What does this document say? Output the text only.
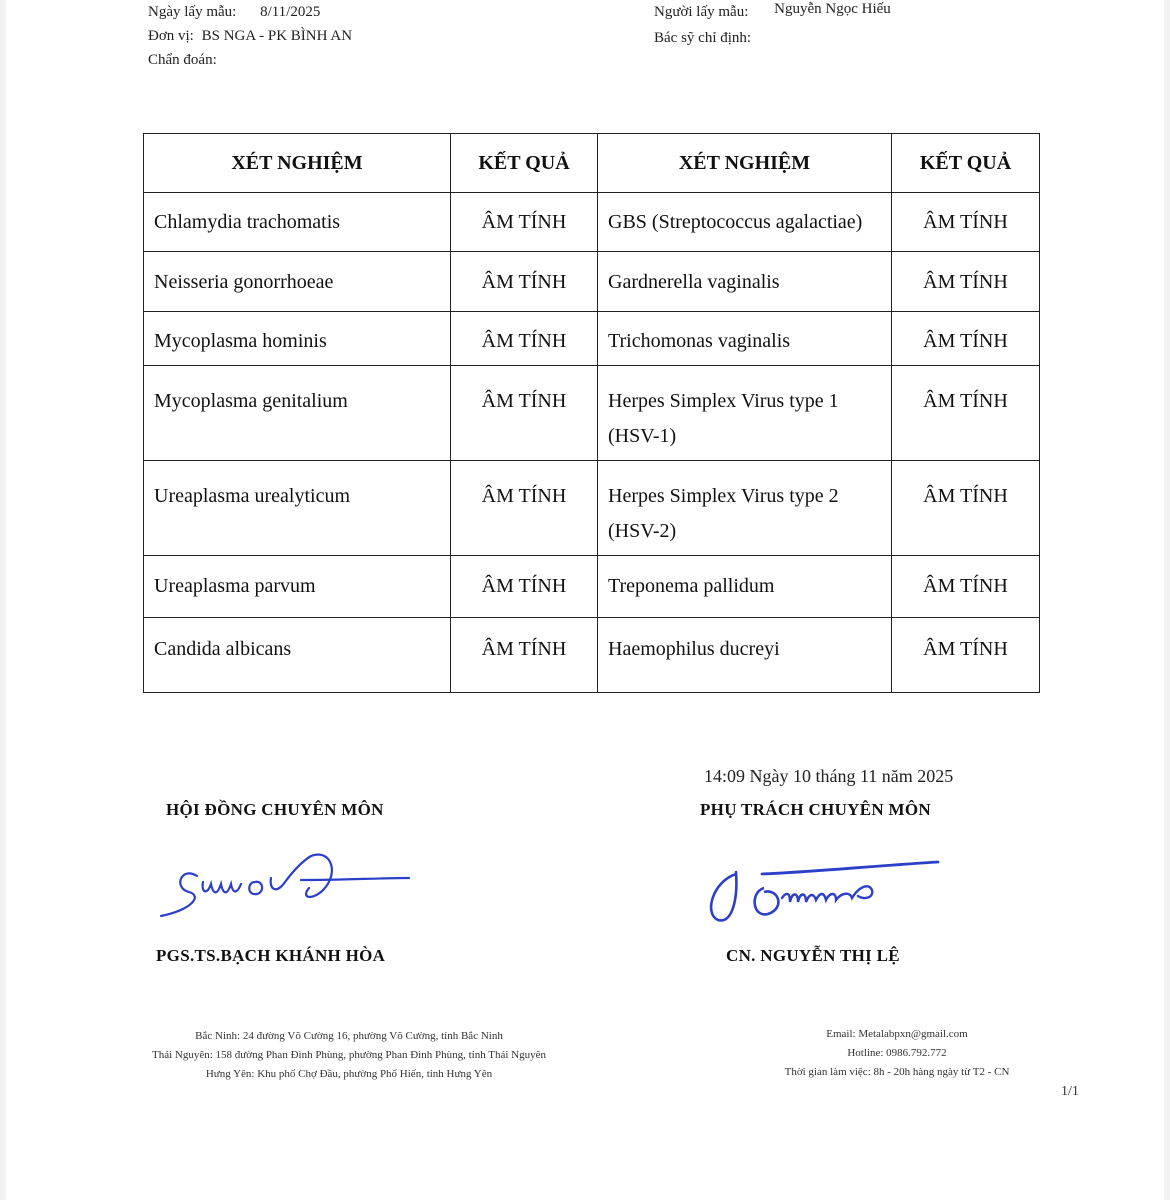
Ngày lấy mẫu: 8/11/2025
Đơn vị: BS NGA - PK BÌNH AN
Chẩn đoán:
Người lấy mẫu: Nguyễn Ngọc Hiếu
Bác sỹ chỉ định:
XÉT NGHIỆM	KẾT QUẢ	XÉT NGHIỆM	KẾT QUẢ
Chlamydia trachomatis	ÂM TÍNH	GBS (Streptococcus agalactiae)	ÂM TÍNH
Neisseria gonorrhoeae	ÂM TÍNH	Gardnerella vaginalis	ÂM TÍNH
Mycoplasma hominis	ÂM TÍNH	Trichomonas vaginalis	ÂM TÍNH
Mycoplasma genitalium	ÂM TÍNH	Herpes Simplex Virus type 1 (HSV-1)	ÂM TÍNH
Ureaplasma urealyticum	ÂM TÍNH	Herpes Simplex Virus type 2 (HSV-2)	ÂM TÍNH
Ureaplasma parvum	ÂM TÍNH	Treponema pallidum	ÂM TÍNH
Candida albicans	ÂM TÍNH	Haemophilus ducreyi	ÂM TÍNH
14:09 Ngày 10 tháng 11 năm 2025
HỘI ĐỒNG CHUYÊN MÔN	PHỤ TRÁCH CHUYÊN MÔN
PGS.TS.BẠCH KHÁNH HÒA	CN. NGUYỄN THỊ LỆ
Bắc Ninh: 24 đường Võ Cường 16, phường Võ Cường, tỉnh Bắc Ninh
Thái Nguyên: 158 đường Phan Đình Phùng, phường Phan Đình Phùng, tỉnh Thái Nguyên
Hưng Yên: Khu phố Chợ Đầu, phường Phố Hiến, tỉnh Hưng Yên
Email: Metalabpxn@gmail.com
Hotline: 0986.792.772
Thời gian làm việc: 8h - 20h hàng ngày từ T2 - CN
1/1
